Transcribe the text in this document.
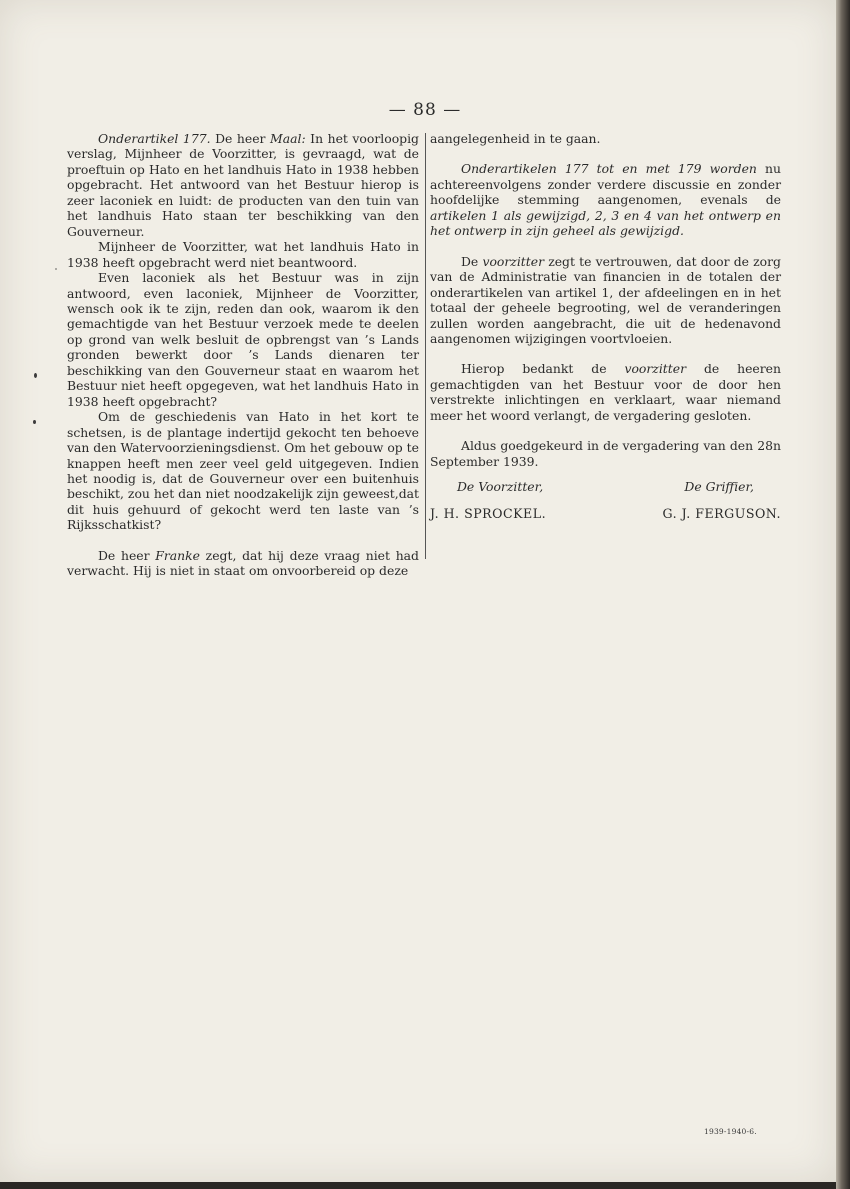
— 88 —

Onderartikel 177. De heer Maal: In het voorloopig verslag, Mijnheer de Voorzitter, is gevraagd, wat de proeftuin op Hato en het landhuis Hato in 1938 hebben opgebracht. Het antwoord van het Bestuur hierop is zeer laconiek en luidt: de producten van den tuin van het landhuis Hato staan ter beschikking van den Gouverneur.

Mijnheer de Voorzitter, wat het landhuis Hato in 1938 heeft opgebracht werd niet beantwoord.

Even laconiek als het Bestuur was in zijn antwoord, even laconiek, Mijnheer de Voorzitter, wensch ook ik te zijn, reden dan ook, waarom ik den gemachtigde van het Bestuur verzoek mede te deelen op grond van welk besluit de opbrengst van ’s Lands gronden bewerkt door ’s Lands dienaren ter beschikking van den Gouverneur staat en waarom het Bestuur niet heeft opgegeven, wat het landhuis Hato in 1938 heeft opgebracht?

Om de geschiedenis van Hato in het kort te schetsen, is de plantage indertijd gekocht ten behoeve van den Watervoorzieningsdienst. Om het gebouw op te knappen heeft men zeer veel geld uitgegeven. Indien het noodig is, dat de Gouverneur over een buitenhuis beschikt, zou het dan niet noodzakelijk zijn geweest,dat dit huis gehuurd of gekocht werd ten laste van ’s Rijksschatkist?

De heer Franke zegt, dat hij deze vraag niet had verwacht. Hij is niet in staat om onvoorbereid op deze

aangelegenheid in te gaan.

Onderartikelen 177 tot en met 179 worden nu achtereenvolgens zonder verdere discussie en zonder hoofdelijke stemming aangenomen, evenals de artikelen 1 als gewijzigd, 2, 3 en 4 van het ontwerp en het ontwerp in zijn geheel als gewijzigd.

De voorzitter zegt te vertrouwen, dat door de zorg van de Administratie van financien in de totalen der onderartikelen van artikel 1, der afdeelingen en in het totaal der geheele begrooting, wel de veranderingen zullen worden aangebracht, die uit de hedenavond aangenomen wijzigingen voortvloeien.

Hierop bedankt de voorzitter de heeren gemachtigden van het Bestuur voor de door hen verstrekte inlichtingen en verklaart, waar niemand meer het woord verlangt, de vergadering gesloten.

Aldus goedgekeurd in de vergadering van den 28n September 1939.

De Voorzitter,	De Griffier,
J. H. SPROCKEL.	G. J. FERGUSON.
1939-1940-6.
